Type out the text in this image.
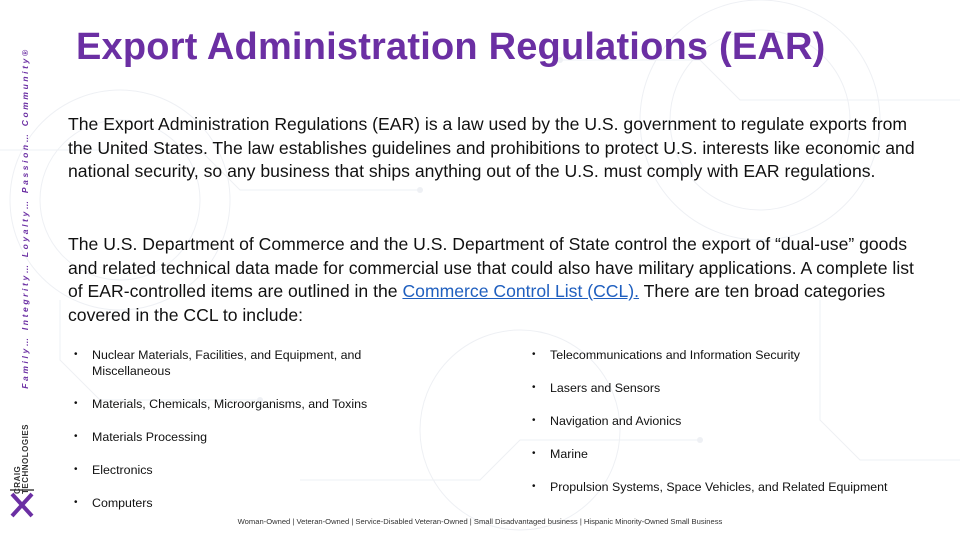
Family… Integrity… Loyalty… Passion… Community®
CRAIG TECHNOLOGIES
Export Administration Regulations (EAR)

The Export Administration Regulations (EAR) is a law used by the U.S. government to regulate exports from the United States. The law establishes guidelines and prohibitions to protect U.S. interests like economic and national security, so any business that ships anything out of the U.S. must comply with EAR regulations.

The U.S. Department of Commerce and the U.S. Department of State control the export of “dual-use” goods and related technical data made for commercial use that could also have military applications. A complete list of EAR-controlled items are outlined in the Commerce Control List (CCL). There are ten broad categories covered in the CCL to include:

• Nuclear Materials, Facilities, and Equipment, and Miscellaneous
• Materials, Chemicals, Microorganisms, and Toxins
• Materials Processing
• Electronics
• Computers
• Telecommunications and Information Security
• Lasers and Sensors
• Navigation and Avionics
• Marine
• Propulsion Systems, Space Vehicles, and Related Equipment
Woman-Owned | Veteran-Owned | Service-Disabled Veteran-Owned | Small Disadvantaged business | Hispanic Minority-Owned Small Business
